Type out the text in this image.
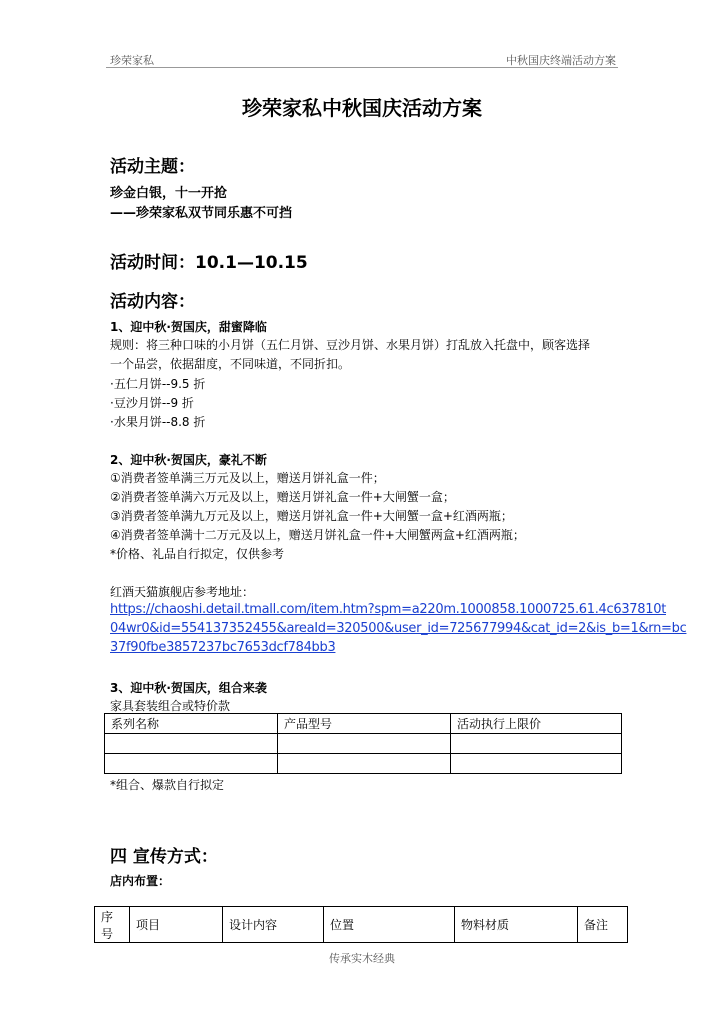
珍荣家私	中秋国庆终端活动方案
珍荣家私中秋国庆活动方案
活动主题：
珍金白银，十一开抢
——珍荣家私双节同乐惠不可挡
活动时间：10.1—10.15
活动内容：
1、迎中秋·贺国庆，甜蜜降临
规则：将三种口味的小月饼（五仁月饼、豆沙月饼、水果月饼）打乱放入托盘中，顾客选择
一个品尝，依据甜度，不同味道，不同折扣。
·五仁月饼--9.5 折
·豆沙月饼--9 折
·水果月饼--8.8 折
2、迎中秋·贺国庆，豪礼不断
①消费者签单满三万元及以上，赠送月饼礼盒一件；
②消费者签单满六万元及以上，赠送月饼礼盒一件+大闸蟹一盒；
③消费者签单满九万元及以上，赠送月饼礼盒一件+大闸蟹一盒+红酒两瓶；
④消费者签单满十二万元及以上，赠送月饼礼盒一件+大闸蟹两盒+红酒两瓶；
*价格、礼品自行拟定，仅供参考
红酒天猫旗舰店参考地址：
https://chaoshi.detail.tmall.com/item.htm?spm=a220m.1000858.1000725.61.4c637810t
04wr0&id=554137352455&areaId=320500&user_id=725677994&cat_id=2&is_b=1&rn=bc
37f90fbe3857237bc7653dcf784bb3
3、迎中秋·贺国庆，组合来袭
家具套装组合或特价款
系列名称	产品型号	活动执行上限价

*组合、爆款自行拟定
四 宣传方式：
店内布置：
序号	项目	设计内容	位置	物料材质	备注
传承实木经典
